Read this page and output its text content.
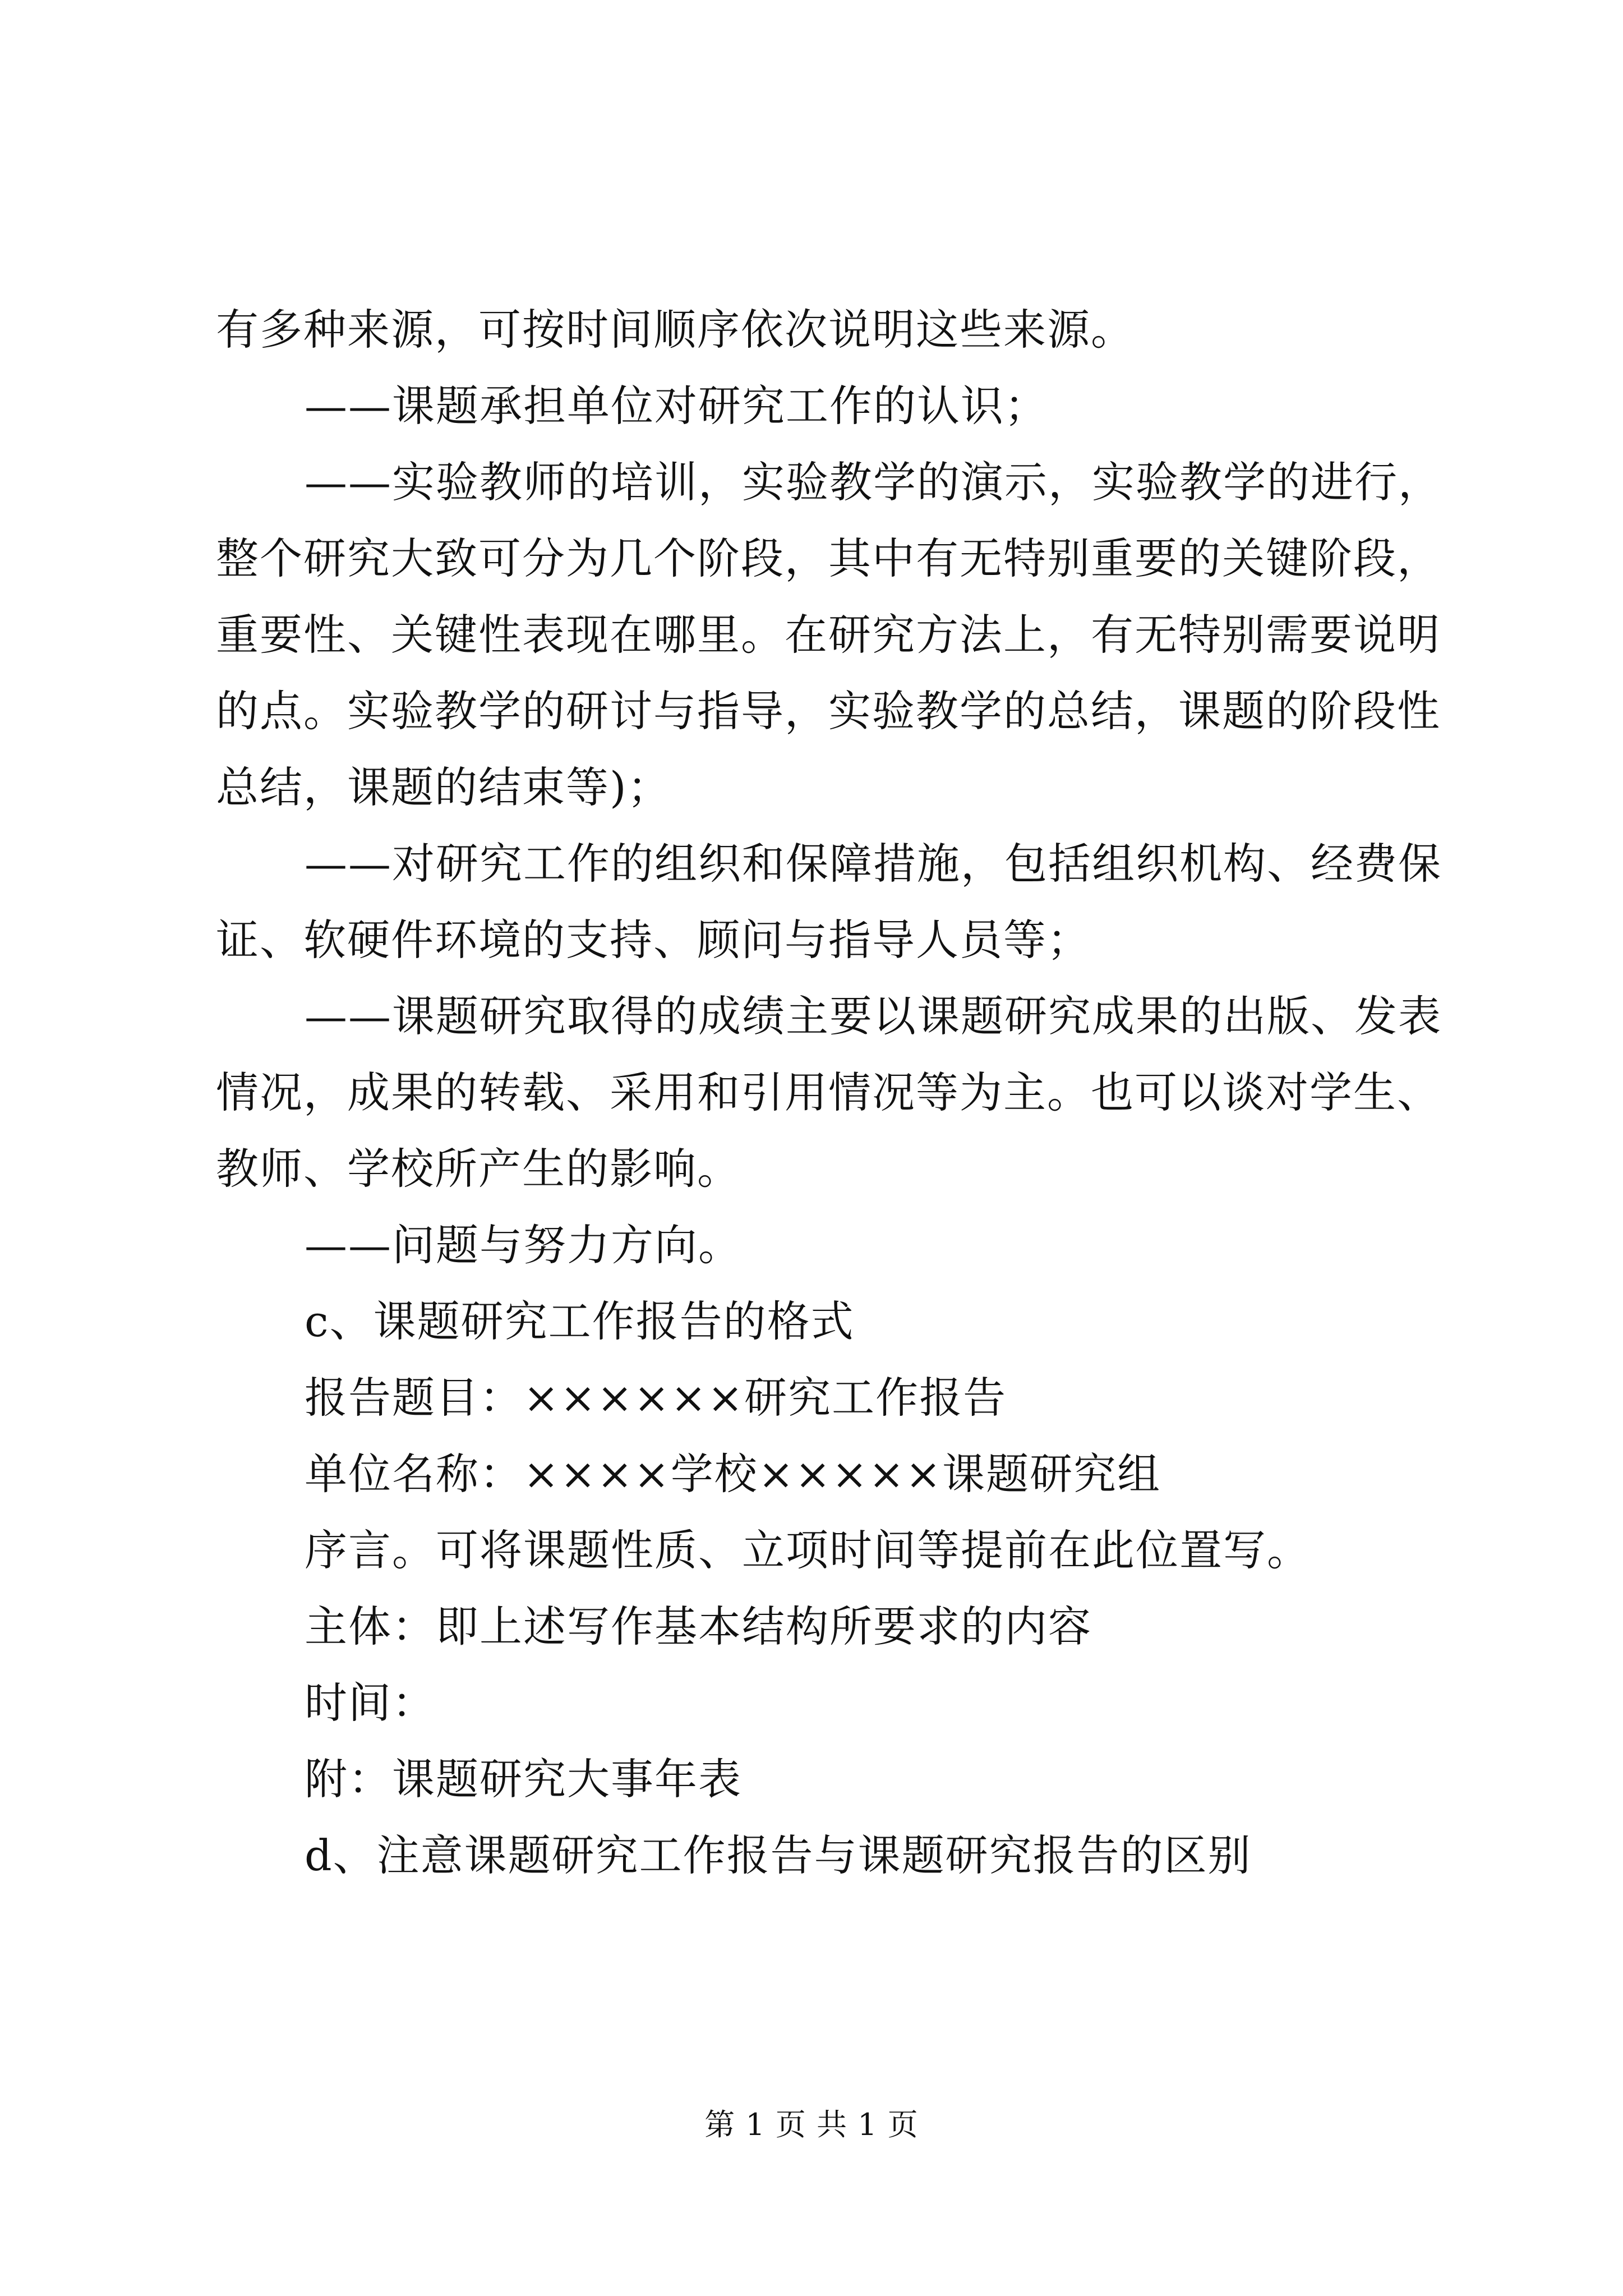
有多种来源，可按时间顺序依次说明这些来源。
——课题承担单位对研究工作的认识；
——实验教师的培训，实验教学的演示，实验教学的进行，
整个研究大致可分为几个阶段，其中有无特别重要的关键阶段，
重要性、关键性表现在哪里。在研究方法上，有无特别需要说明
的点。实验教学的研讨与指导，实验教学的总结，课题的阶段性
总结，课题的结束等)；
——对研究工作的组织和保障措施，包括组织机构、经费保
证、软硬件环境的支持、顾问与指导人员等；
——课题研究取得的成绩主要以课题研究成果的出版、发表
情况，成果的转载、采用和引用情况等为主。也可以谈对学生、
教师、学校所产生的影响。
——问题与努力方向。
c、课题研究工作报告的格式
报告题目：××××××研究工作报告
单位名称：××××学校×××××课题研究组
序言。可将课题性质、立项时间等提前在此位置写。
主体：即上述写作基本结构所要求的内容
时间：
附：课题研究大事年表
d、注意课题研究工作报告与课题研究报告的区别
第 1 页 共 1 页
